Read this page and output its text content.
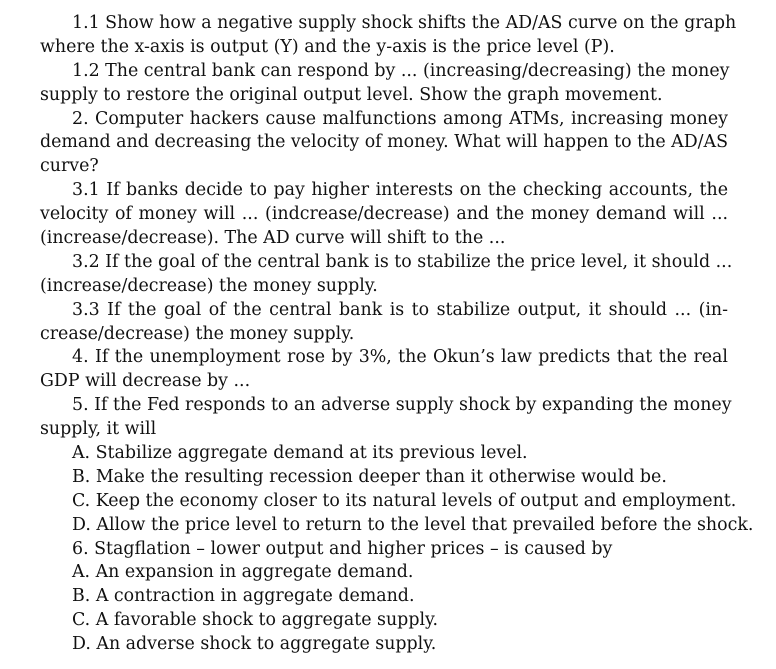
1.1 Show how a negative supply shock shifts the AD/AS curve on the graph
where the x-axis is output (Y) and the y-axis is the price level (P).
1.2 The central bank can respond by ... (increasing/decreasing) the money
supply to restore the original output level. Show the graph movement.
2. Computer hackers cause malfunctions among ATMs, increasing money
demand and decreasing the velocity of money. What will happen to the AD/AS
curve?
3.1 If banks decide to pay higher interests on the checking accounts, the
velocity of money will ... (indcrease/decrease) and the money demand will ...
(increase/decrease). The AD curve will shift to the ...
3.2 If the goal of the central bank is to stabilize the price level, it should ...
(increase/decrease) the money supply.
3.3 If the goal of the central bank is to stabilize output, it should ... (in-
crease/decrease) the money supply.
4. If the unemployment rose by 3%, the Okun’s law predicts that the real
GDP will decrease by ...
5. If the Fed responds to an adverse supply shock by expanding the money
supply, it will
A. Stabilize aggregate demand at its previous level.
B. Make the resulting recession deeper than it otherwise would be.
C. Keep the economy closer to its natural levels of output and employment.
D. Allow the price level to return to the level that prevailed before the shock.
6. Stagflation – lower output and higher prices – is caused by
A. An expansion in aggregate demand.
B. A contraction in aggregate demand.
C. A favorable shock to aggregate supply.
D. An adverse shock to aggregate supply.
